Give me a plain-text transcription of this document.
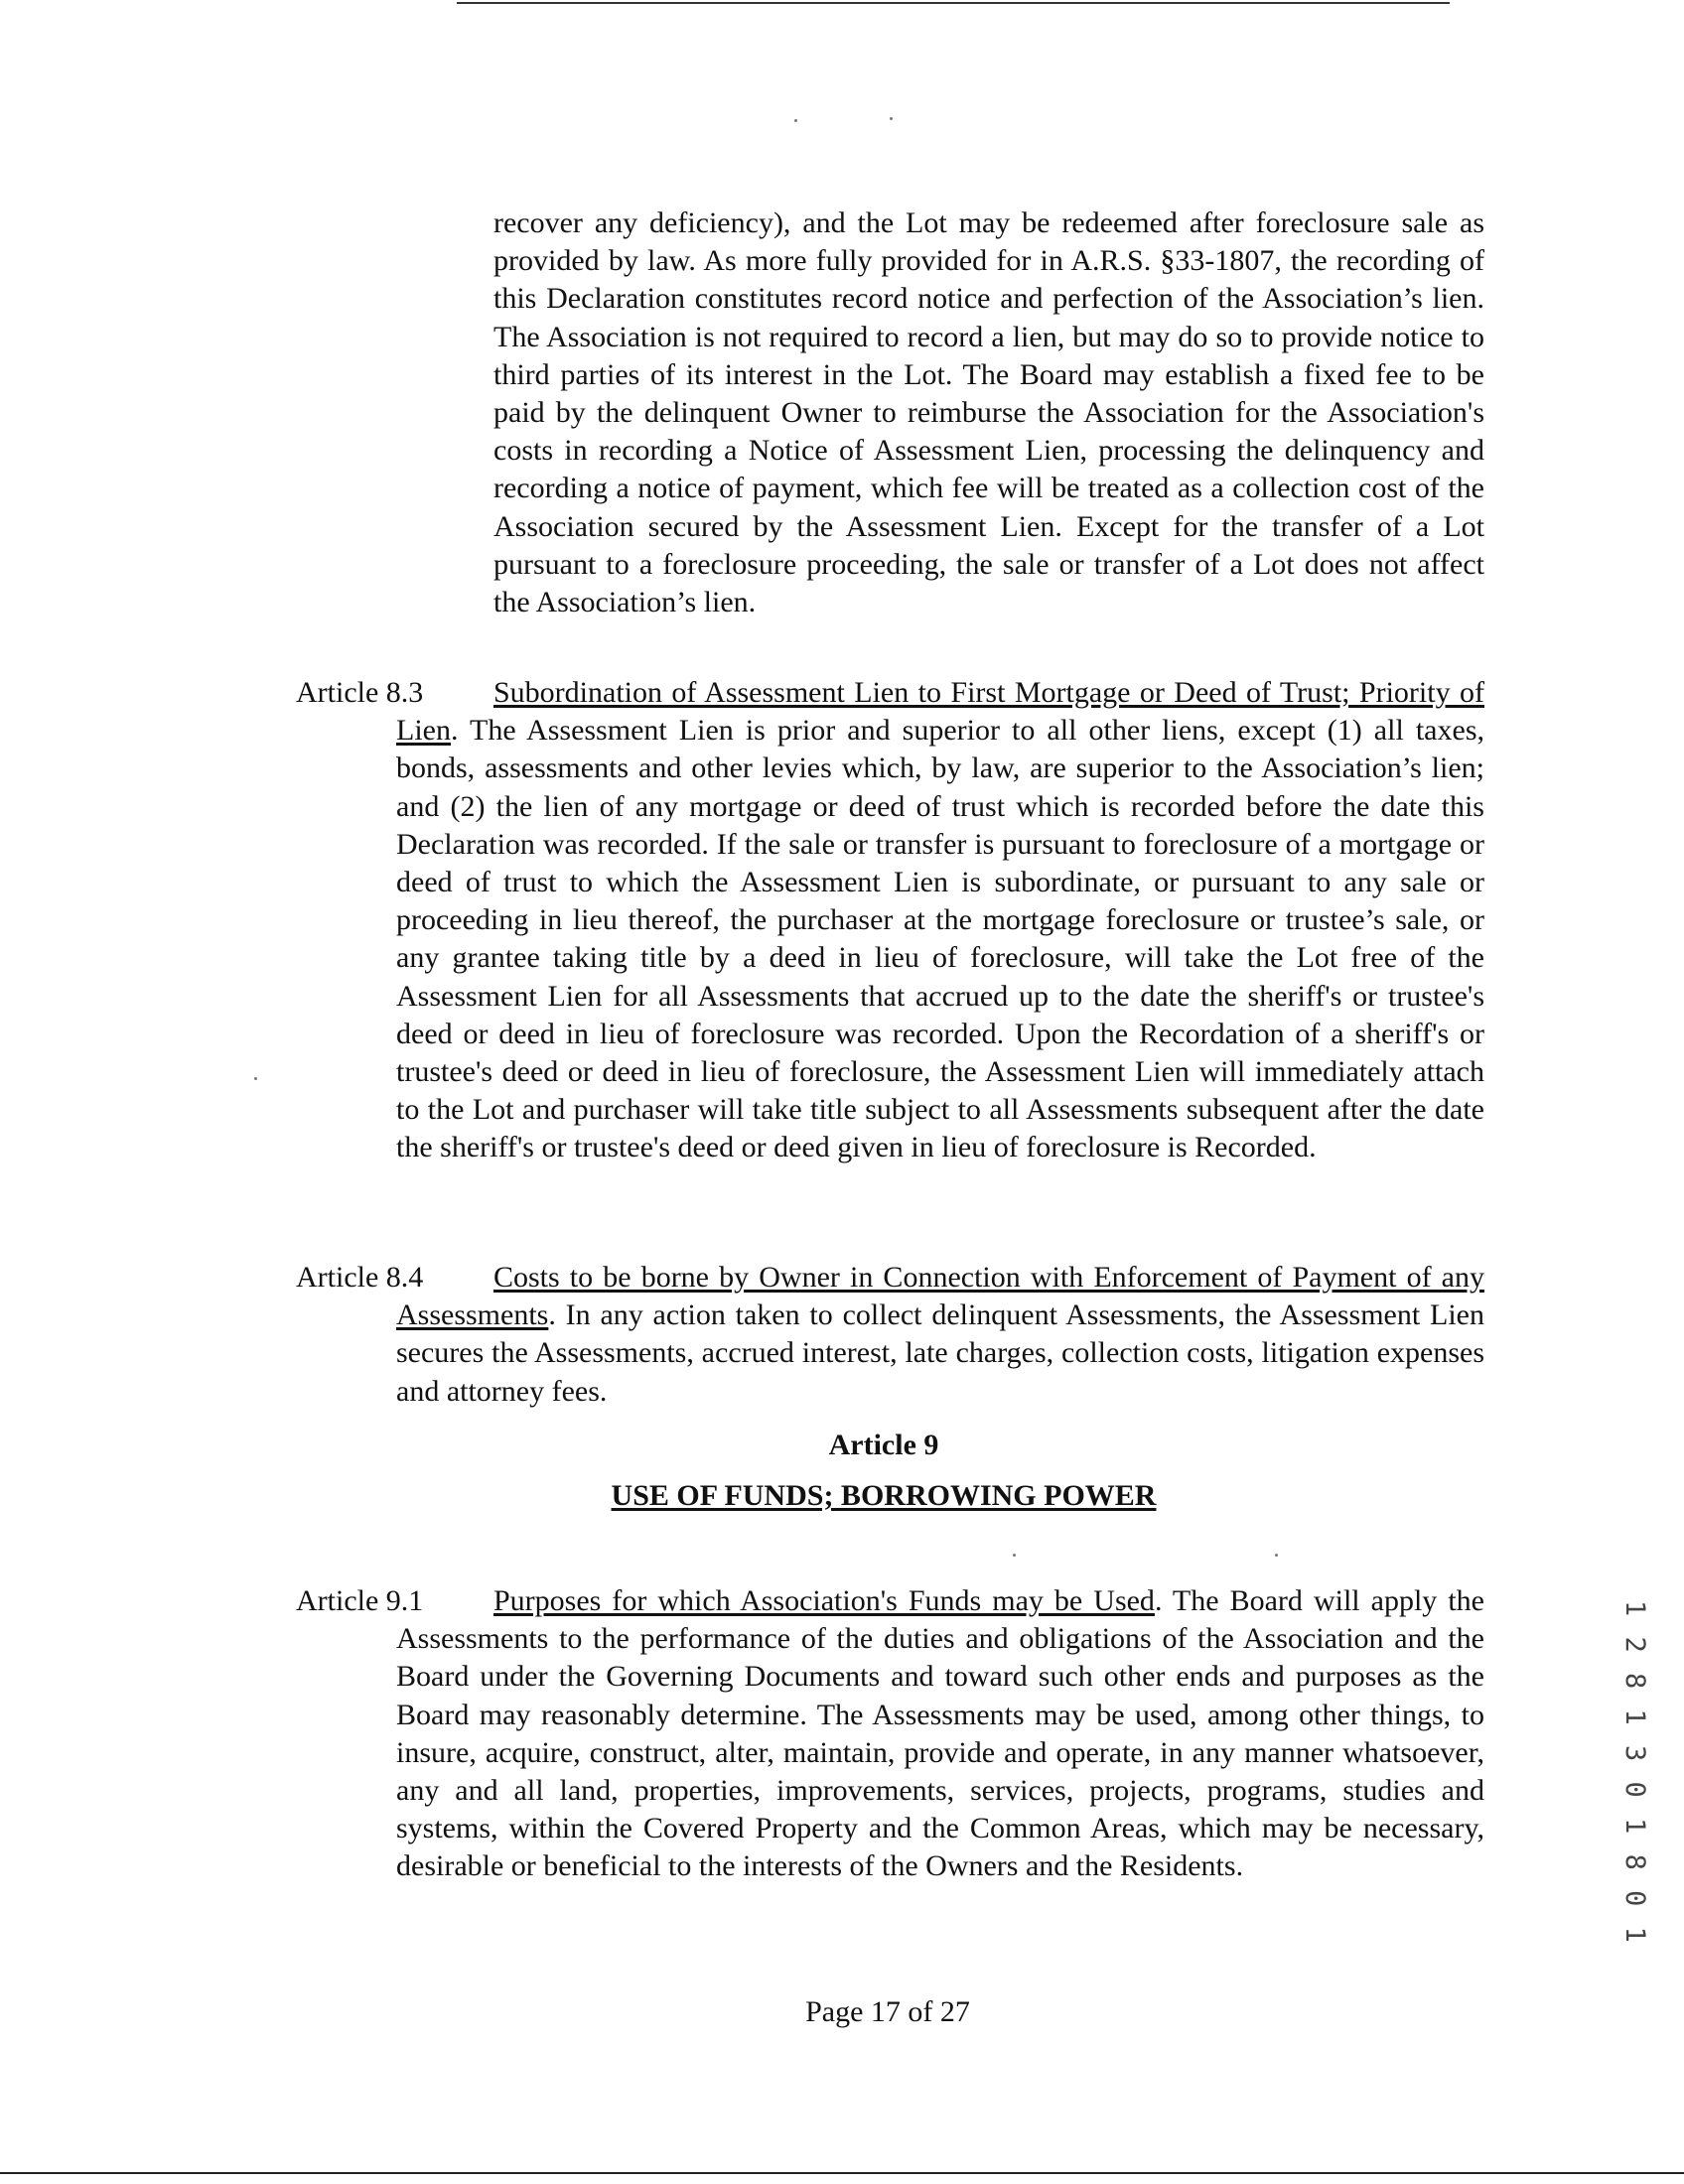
recover any deficiency), and the Lot may be redeemed after foreclosure sale as provided by law. As more fully provided for in A.R.S. §33-1807, the recording of this Declaration constitutes record notice and perfection of the Association’s lien. The Association is not required to record a lien, but may do so to provide notice to third parties of its interest in the Lot. The Board may establish a fixed fee to be paid by the delinquent Owner to reimburse the Association for the Association's costs in recording a Notice of Assessment Lien, processing the delinquency and recording a notice of payment, which fee will be treated as a collection cost of the Association secured by the Assessment Lien. Except for the transfer of a Lot pursuant to a foreclosure proceeding, the sale or transfer of a Lot does not affect the Association’s lien.
Article 8.3	Subordination of Assessment Lien to First Mortgage or Deed of Trust; Priority of Lien. The Assessment Lien is prior and superior to all other liens, except (1) all taxes, bonds, assessments and other levies which, by law, are superior to the Association’s lien; and (2) the lien of any mortgage or deed of trust which is recorded before the date this Declaration was recorded. If the sale or transfer is pursuant to foreclosure of a mortgage or deed of trust to which the Assessment Lien is subordinate, or pursuant to any sale or proceeding in lieu thereof, the purchaser at the mortgage foreclosure or trustee’s sale, or any grantee taking title by a deed in lieu of foreclosure, will take the Lot free of the Assessment Lien for all Assessments that accrued up to the date the sheriff's or trustee's deed or deed in lieu of foreclosure was recorded. Upon the Recordation of a sheriff's or trustee's deed or deed in lieu of foreclosure, the Assessment Lien will immediately attach to the Lot and purchaser will take title subject to all Assessments subsequent after the date the sheriff's or trustee's deed or deed given in lieu of foreclosure is Recorded.
Article 8.4	Costs to be borne by Owner in Connection with Enforcement of Payment of any Assessments. In any action taken to collect delinquent Assessments, the Assessment Lien secures the Assessments, accrued interest, late charges, collection costs, litigation expenses and attorney fees.
Article 9
USE OF FUNDS; BORROWING POWER
Article 9.1	Purposes for which Association's Funds may be Used. The Board will apply the Assessments to the performance of the duties and obligations of the Association and the Board under the Governing Documents and toward such other ends and purposes as the Board may reasonably determine. The Assessments may be used, among other things, to insure, acquire, construct, alter, maintain, provide and operate, in any manner whatsoever, any and all land, properties, improvements, services, projects, programs, studies and systems, within the Covered Property and the Common Areas, which may be necessary, desirable or beneficial to the interests of the Owners and the Residents.	1 2 8 1 3 0 1 8 0 1
Page 17 of 27
